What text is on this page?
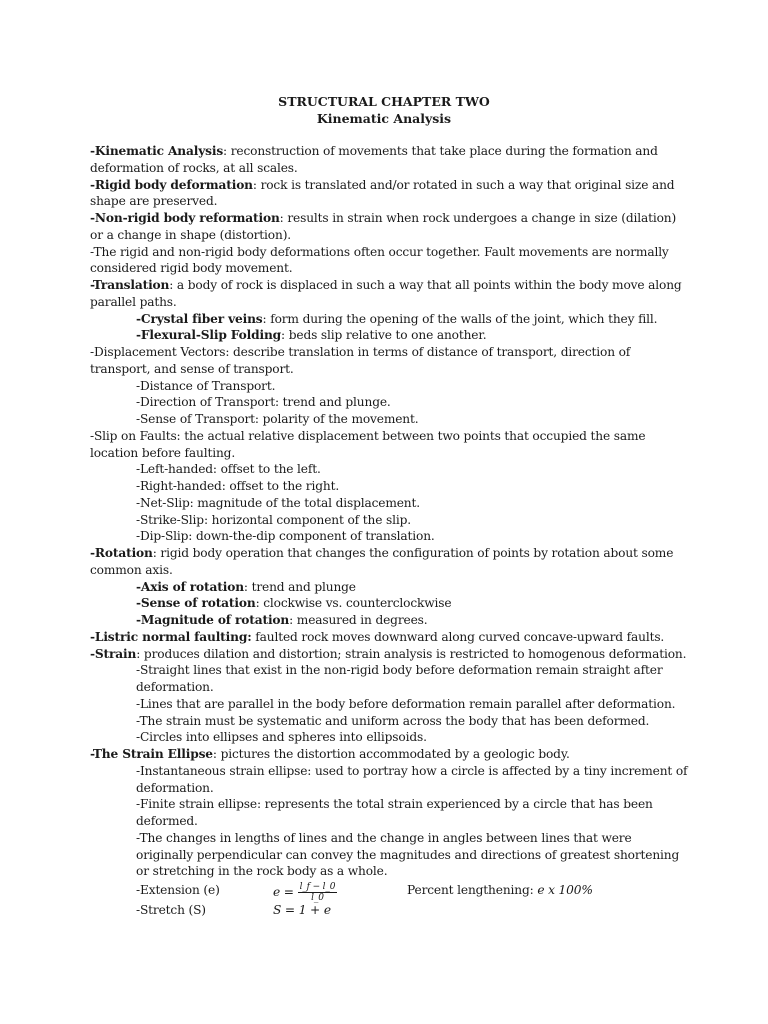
STRUCTURAL CHAPTER TWO
Kinematic Analysis

-Kinematic Analysis: reconstruction of movements that take place during the formation and deformation of rocks, at all scales.

-Rigid body deformation: rock is translated and/or rotated in such a way that original size and shape are preserved.

-Non-rigid body reformation: results in strain when rock undergoes a change in size (dilation) or a change in shape (distortion).

-The rigid and non-rigid body deformations often occur together. Fault movements are normally considered rigid body movement.

-Translation: a body of rock is displaced in such a way that all points within the body move along parallel paths.

-Crystal fiber veins: form during the opening of the walls of the joint, which they fill.

-Flexural-Slip Folding: beds slip relative to one another.

-Displacement Vectors: describe translation in terms of distance of transport, direction of transport, and sense of transport.

-Distance of Transport.

-Direction of Transport: trend and plunge.

-Sense of Transport: polarity of the movement.

-Slip on Faults: the actual relative displacement between two points that occupied the same location before faulting.

-Left-handed: offset to the left.

-Right-handed: offset to the right.

-Net-Slip: magnitude of the total displacement.

-Strike-Slip: horizontal component of the slip.

-Dip-Slip: down-the-dip component of translation.

-Rotation: rigid body operation that changes the configuration of points by rotation about some common axis.

-Axis of rotation: trend and plunge

-Sense of rotation: clockwise vs. counterclockwise

-Magnitude of rotation: measured in degrees.

-Listric normal faulting: faulted rock moves downward along curved concave-upward faults.

-Strain: produces dilation and distortion; strain analysis is restricted to homogenous deformation.

-Straight lines that exist in the non-rigid body before deformation remain straight after deformation.

-Lines that are parallel in the body before deformation remain parallel after deformation.

-The strain must be systematic and uniform across the body that has been deformed.

-Circles into ellipses and spheres into ellipsoids.

-The Strain Ellipse: pictures the distortion accommodated by a geologic body.

-Instantaneous strain ellipse: used to portray how a circle is affected by a tiny increment of deformation.

-Finite strain ellipse: represents the total strain experienced by a circle that has been deformed.

-The changes in lengths of lines and the change in angles between lines that were originally perpendicular can convey the magnitudes and directions of greatest shortening or stretching in the rock body as a whole.

-Extension (e)	$e = \frac{l\_f - l\_0}{l\_0}$	Percent lengthening: e x 100%
-Stretch (S)	S = 1 + e
